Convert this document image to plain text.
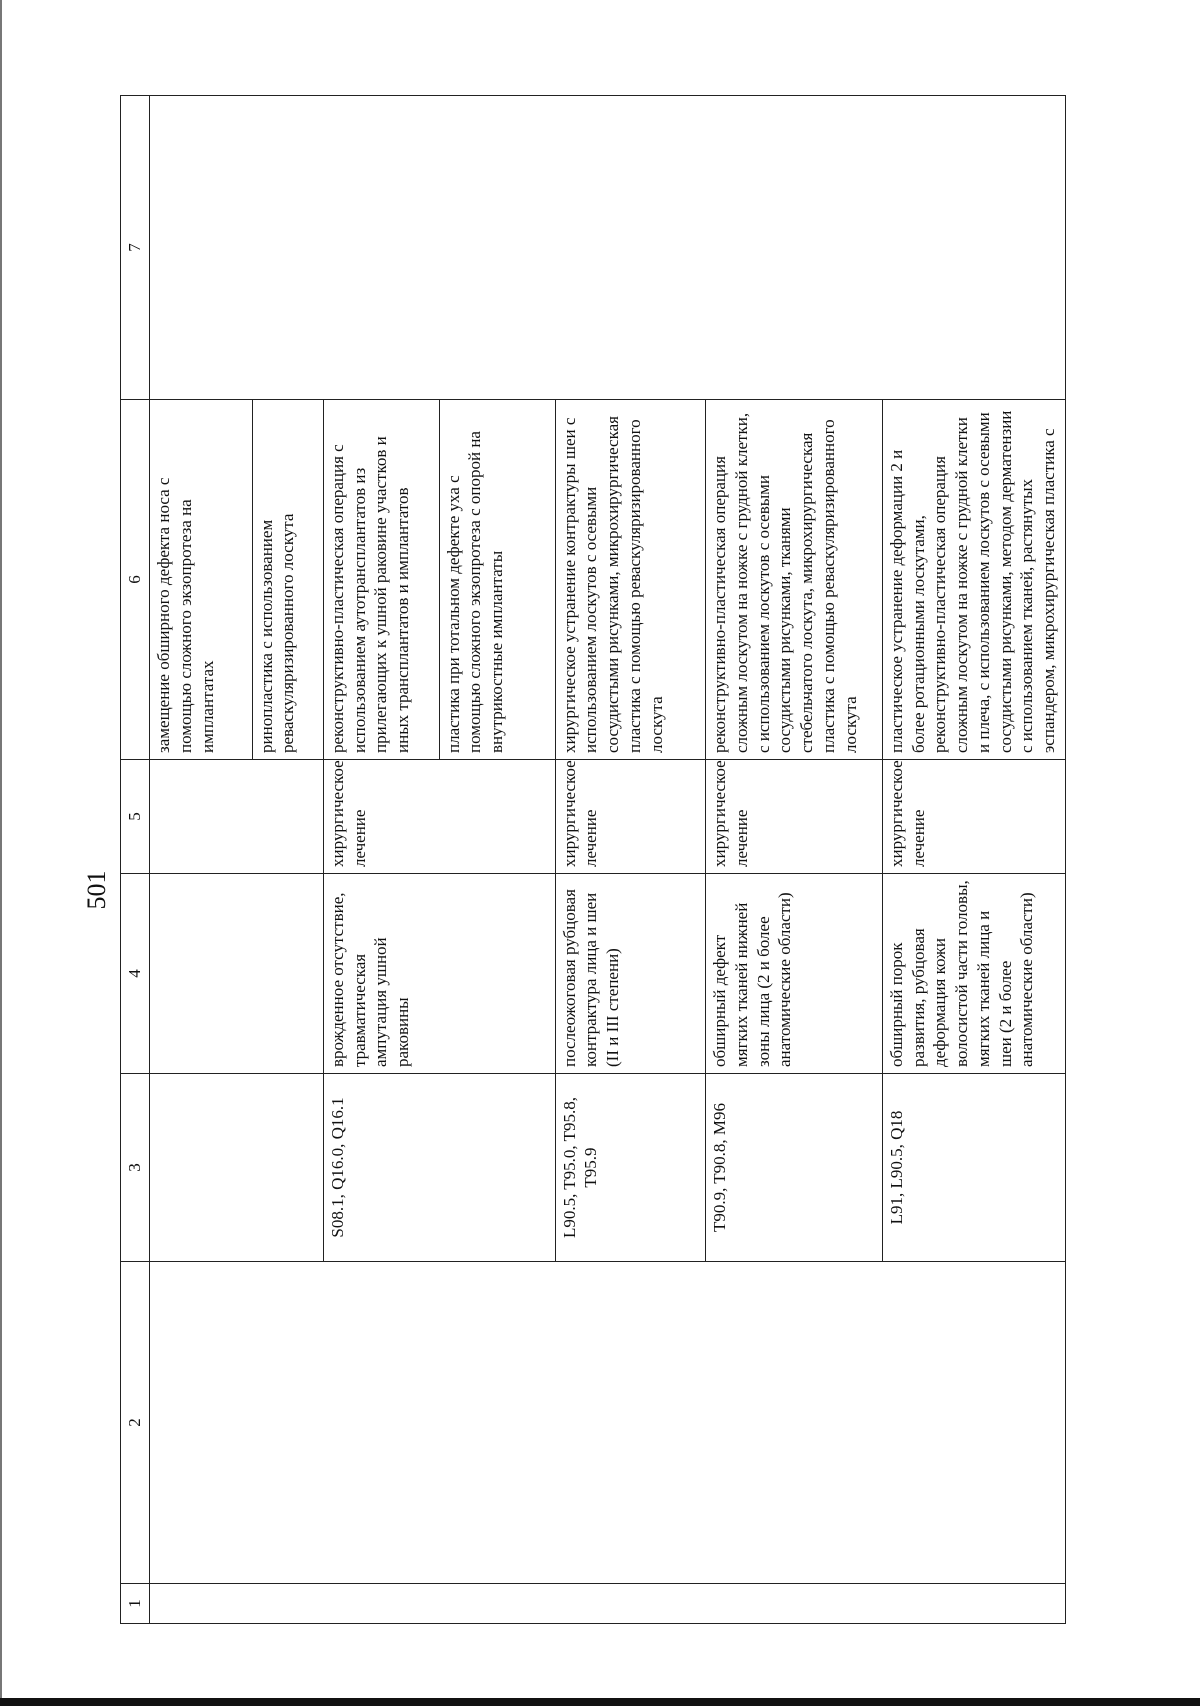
501
1	2	3	4	5	6	7
					замещение обширного дефекта носа с помощью сложного экзопротеза на имплантатах	
					ринопластика с использованием реваскуляризированного лоскута	
		S08.1, Q16.0, Q16.1	врожденное отсутствие, травматическая ампутация ушной раковины	хирургическое лечение	реконструктивно-пластическая операция с использованием аутотрансплантатов из прилегающих к ушной раковине участков и иных трансплантатов и имплантатов	
					пластика при тотальном дефекте уха с помощью сложного экзопротеза с опорой на внутрикостные имплантаты	
		L90.5, T95.0, T95.8, T95.9	послеожоговая рубцовая контрактура лица и шеи (II и III степени)	хирургическое лечение	хирургическое устранение контрактуры шеи с использованием лоскутов с осевыми сосудистыми рисунками, микрохирургическая пластика с помощью реваскуляризированного лоскута	
		T90.9, T90.8, M96	обширный дефект мягких тканей нижней зоны лица (2 и более анатомические области)	хирургическое лечение	реконструктивно-пластическая операция сложным лоскутом на ножке с грудной клетки, с использованием лоскутов с осевыми сосудистыми рисунками, тканями стебельчатого лоскута, микрохирургическая пластика с помощью реваскуляризированного лоскута	
		L91, L90.5, Q18	обширный порок развития, рубцовая деформация кожи волосистой части головы, мягких тканей лица и шеи (2 и более анатомические области)	хирургическое лечение	пластическое устранение деформации 2 и более ротационными лоскутами, реконструктивно-пластическая операция сложным лоскутом на ножке с грудной клетки и плеча, с использованием лоскутов с осевыми сосудистыми рисунками, методом дерматензии с использованием тканей, растянутых эспандером, микрохирургическая пластика с	
